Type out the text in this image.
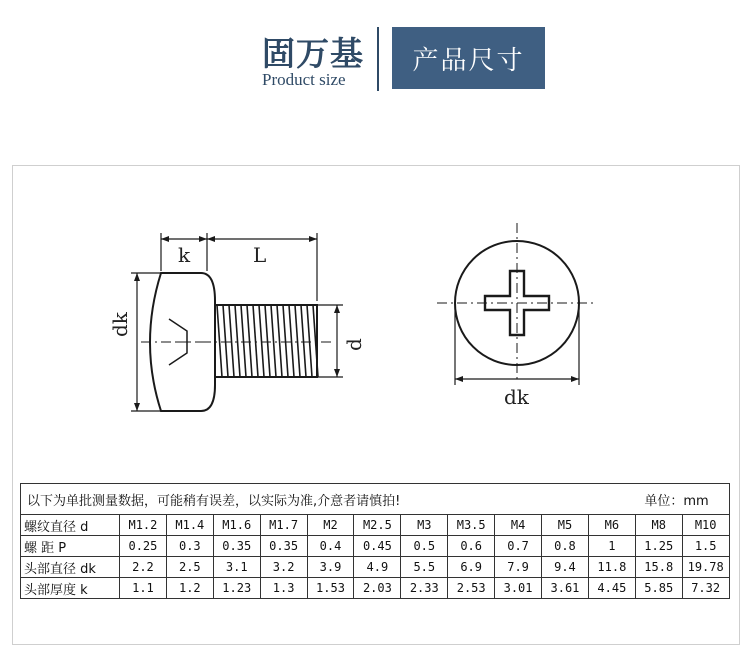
固万基
Product size
产品尺寸
k	L
dk
d
dk
以下为单批测量数据，可能稍有误差，以实际为准,介意者请慎拍! 单位：mm													

螺纹直径 d	M1.2	M1.4	M1.6	M1.7	M2	M2.5	M3	M3.5	M4	M5	M6	M8	M10
螺 距 P	0.25	0.3	0.35	0.35	0.4	0.45	0.5	0.6	0.7	0.8	1	1.25	1.5
头部直径 dk	2.2	2.5	3.1	3.2	3.9	4.9	5.5	6.9	7.9	9.4	11.8	15.8	19.78
头部厚度 k	1.1	1.2	1.23	1.3	1.53	2.03	2.33	2.53	3.01	3.61	4.45	5.85	7.32
